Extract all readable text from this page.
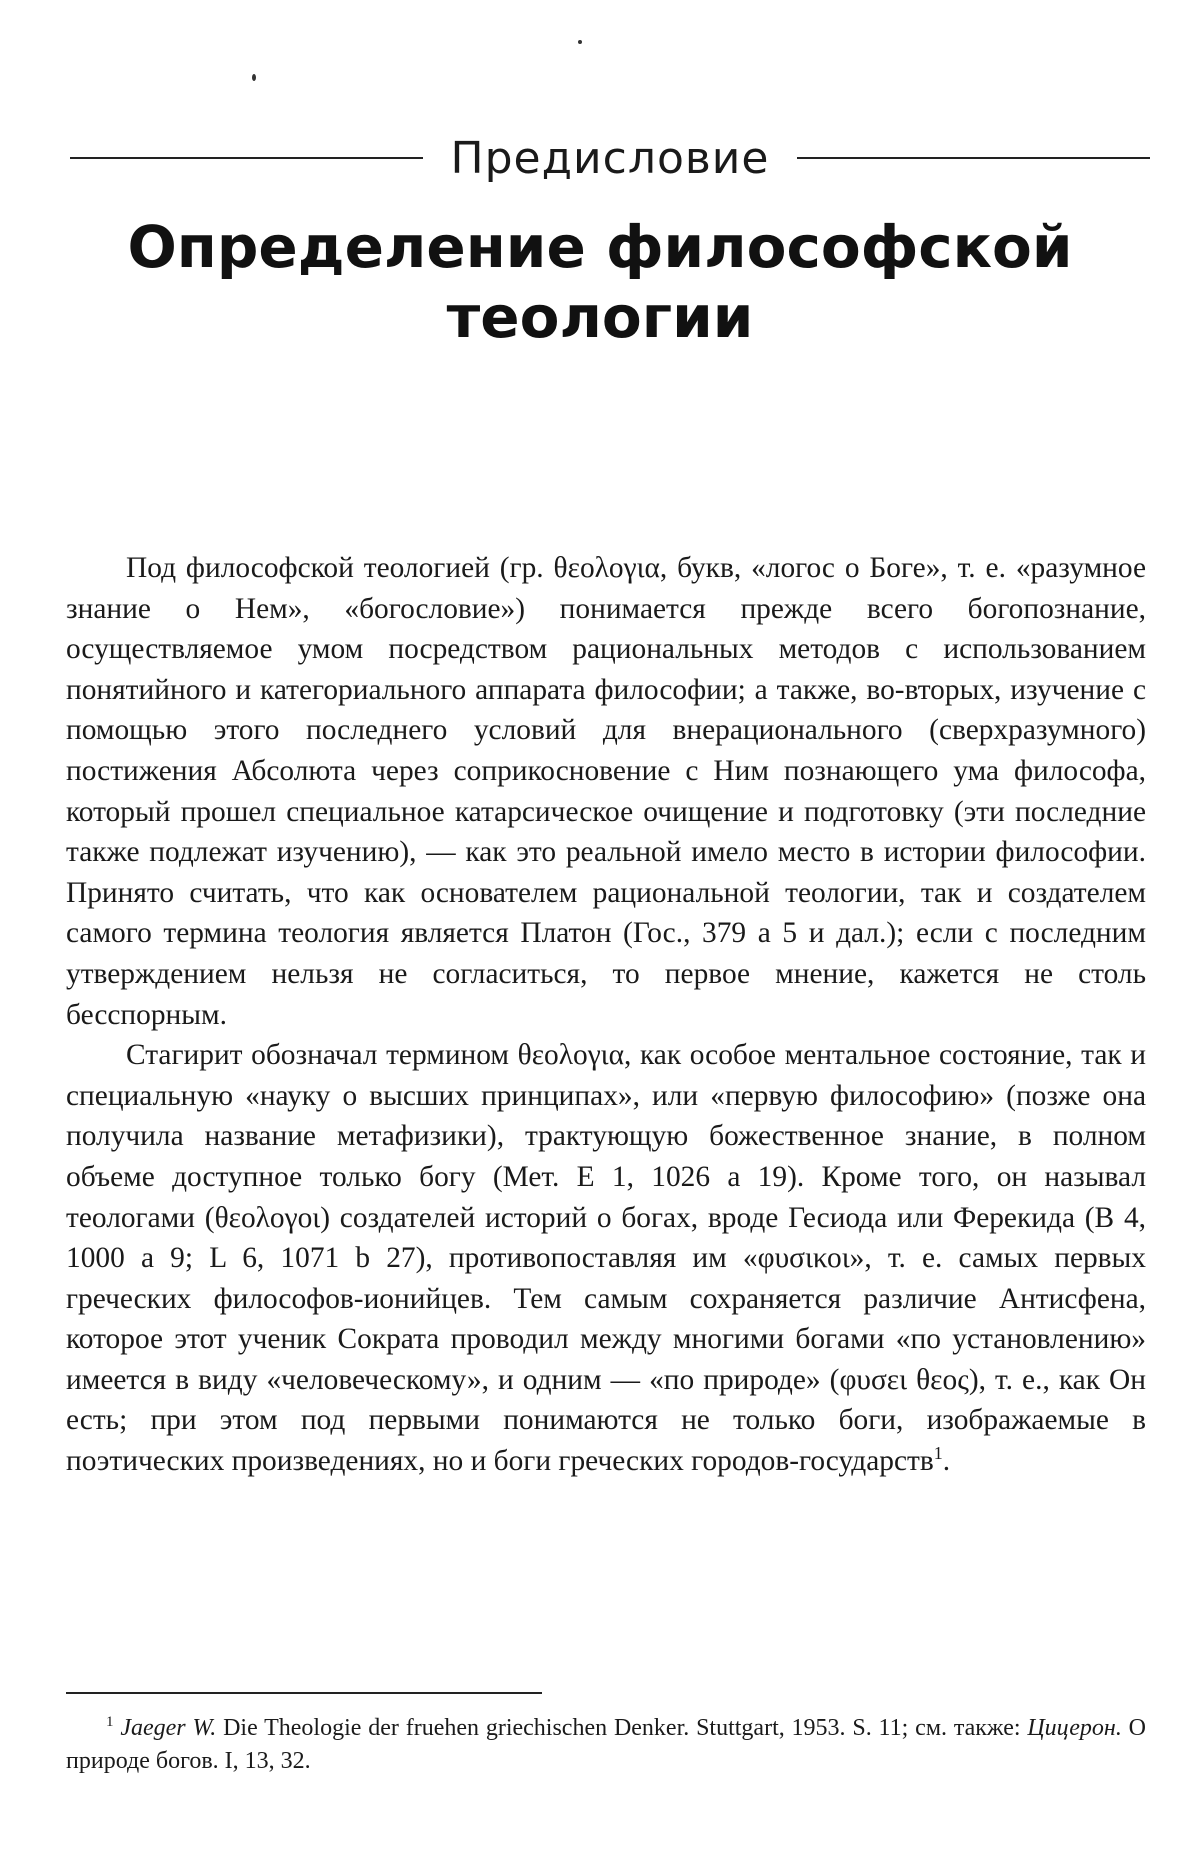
Предисловие
Определение философской
теологии

Под философской теологией (гр. θεολογια, букв, «логос о Боге», т. е. «разумное знание о Нем», «богословие») понимается прежде всего богопознание, осуществляемое умом посредством рациональных методов с использованием понятийного и категориального аппарата философии; а также, во-вторых, изучение с помощью этого последнего условий для внерационального (сверхразумного) постижения Абсолюта через соприкосновение с Ним познающего ума философа, который прошел специальное катарсическое очищение и подготовку (эти последние также подлежат изучению), — как это реальной имело место в истории философии. Принято считать, что как основателем рациональной теологии, так и создателем самого термина теология является Платон (Гос., 379 а 5 и дал.); если с последним утверждением нельзя не согласиться, то первое мнение, кажется не столь бесспорным.

Стагирит обозначал термином θεολογια, как особое ментальное состояние, так и специальную «науку о высших принципах», или «первую философию» (позже она получила название метафизики), трактующую божественное знание, в полном объеме доступное только богу (Мет. Е 1, 1026 а 19). Кроме того, он называл теологами (θεολογοι) создателей историй о богах, вроде Гесиода или Ферекида (В 4, 1000 а 9; L 6, 1071 b 27), противопоставляя им «φυσικοι», т. е. самых первых греческих философов-ионийцев. Тем самым сохраняется различие Антисфена, которое этот ученик Сократа проводил между многими богами «по установлению» имеется в виду «человеческому», и одним — «по природе» (φυσει θεος), т. е., как Он есть; при этом под первыми понимаются не только боги, изображаемые в поэтических произведениях, но и боги греческих городов-государств$^1$.

$^1$ Jaeger W. Die Theologie der fruehen griechischen Denker. Stuttgart, 1953. S. 11; см. также: Цицерон. О природе богов. I, 13, 32.
